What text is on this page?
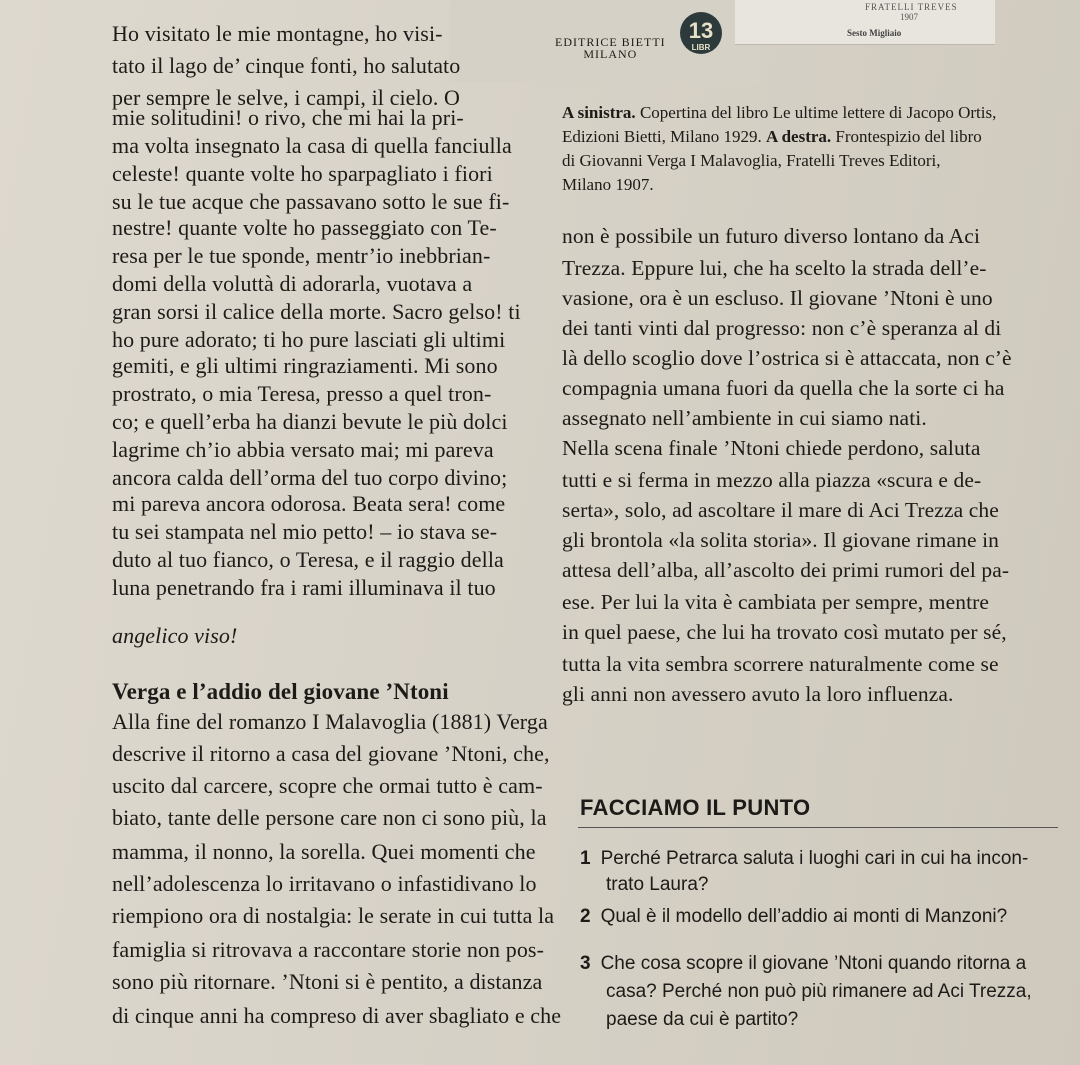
EDITRICE BIETTI
MILANO
13
LIBR
FRATELLI TREVES
1907
Sesto Migliaio
Ho visitato le mie montagne, ho visi-
tato il lago de’ cinque fonti, ho salutato
per sempre le selve, i campi, il cielo. O
mie solitudini! o rivo, che mi hai la pri-
ma volta insegnato la casa di quella fanciulla
celeste! quante volte ho sparpagliato i fiori
su le tue acque che passavano sotto le sue fi-
nestre! quante volte ho passeggiato con Te-
resa per le tue sponde, mentr’io inebbrian-
domi della voluttà di adorarla, vuotava a
gran sorsi il calice della morte. Sacro gelso! ti
ho pure adorato; ti ho pure lasciati gli ultimi
gemiti, e gli ultimi ringraziamenti. Mi sono
prostrato, o mia Teresa, presso a quel tron-
co; e quell’erba ha dianzi bevute le più dolci
lagrime ch’io abbia versato mai; mi pareva
ancora calda dell’orma del tuo corpo divino;
mi pareva ancora odorosa. Beata sera! come
tu sei stampata nel mio petto! – io stava se-
duto al tuo fianco, o Teresa, e il raggio della
luna penetrando fra i rami illuminava il tuo
angelico viso!
Verga e l’addio del giovane ’Ntoni
Alla fine del romanzo I Malavoglia (1881) Verga
descrive il ritorno a casa del giovane ’Ntoni, che,
uscito dal carcere, scopre che ormai tutto è cam-
biato, tante delle persone care non ci sono più, la
mamma, il nonno, la sorella. Quei momenti che
nell’adolescenza lo irritavano o infastidivano lo
riempiono ora di nostalgia: le serate in cui tutta la
famiglia si ritrovava a raccontare storie non pos-
sono più ritornare. ’Ntoni si è pentito, a distanza
di cinque anni ha compreso di aver sbagliato e che
A sinistra. Copertina del libro Le ultime lettere di Jacopo Ortis,
Edizioni Bietti, Milano 1929. A destra. Frontespizio del libro
di Giovanni Verga I Malavoglia, Fratelli Treves Editori,
Milano 1907.
non è possibile un futuro diverso lontano da Aci
Trezza. Eppure lui, che ha scelto la strada dell’e-
vasione, ora è un escluso. Il giovane ’Ntoni è uno
dei tanti vinti dal progresso: non c’è speranza al di
là dello scoglio dove l’ostrica si è attaccata, non c’è
compagnia umana fuori da quella che la sorte ci ha
assegnato nell’ambiente in cui siamo nati.
Nella scena finale ’Ntoni chiede perdono, saluta
tutti e si ferma in mezzo alla piazza «scura e de-
serta», solo, ad ascoltare il mare di Aci Trezza che
gli brontola «la solita storia». Il giovane rimane in
attesa dell’alba, all’ascolto dei primi rumori del pa-
ese. Per lui la vita è cambiata per sempre, mentre
in quel paese, che lui ha trovato così mutato per sé,
tutta la vita sembra scorrere naturalmente come se
gli anni non avessero avuto la loro influenza.
FACCIAMO IL PUNTO
1 Perché Petrarca saluta i luoghi cari in cui ha incon-
trato Laura?
2 Qual è il modello dell’addio ai monti di Manzoni?
3 Che cosa scopre il giovane ’Ntoni quando ritorna a
casa? Perché non può più rimanere ad Aci Trezza,
paese da cui è partito?
